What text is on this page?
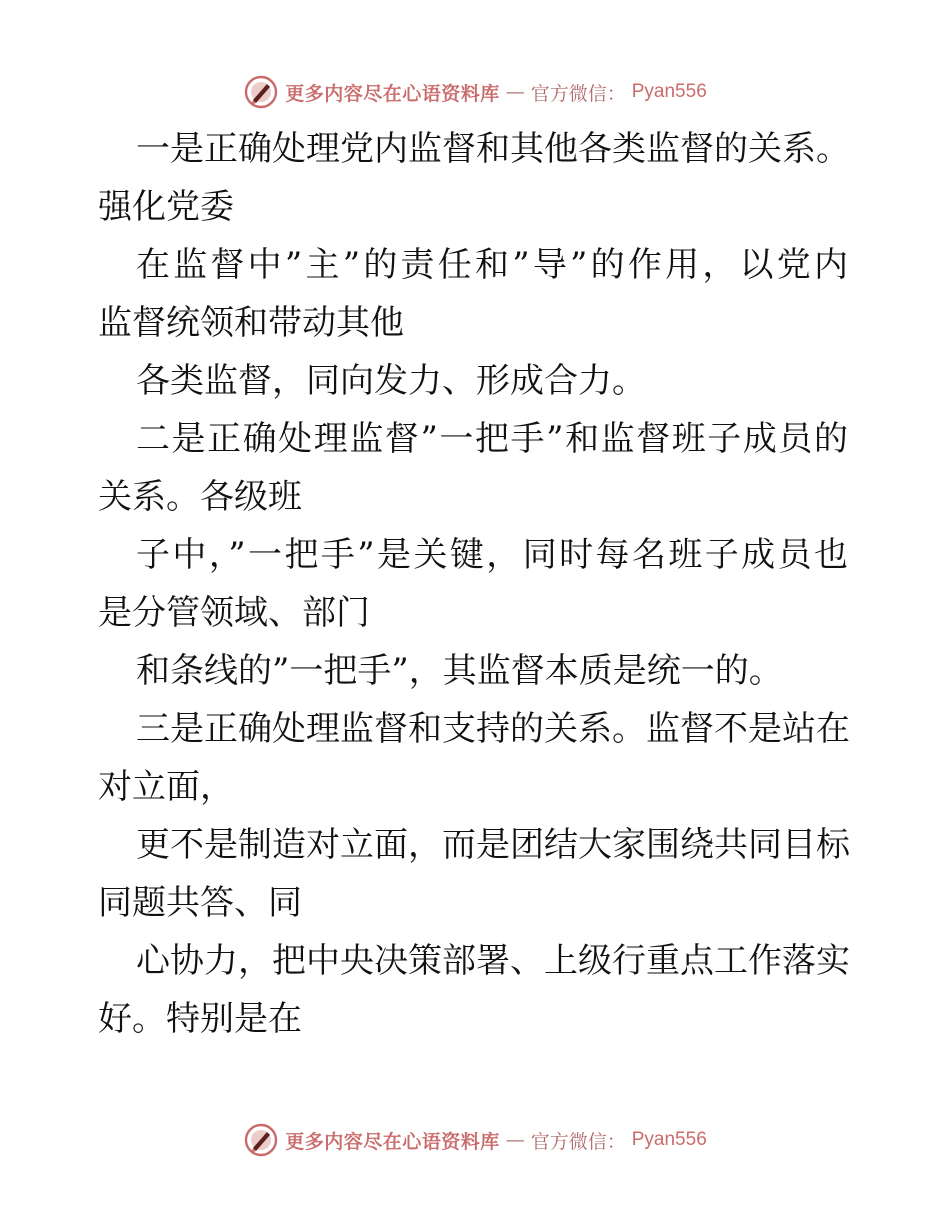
更多内容尽在心语资料库 — 官方微信： Pyan556
一是正确处理党内监督和其他各类监督的关系。
强化党委
在监督中”主”的责任和”导”的作用，以党内
监督统领和带动其他
各类监督，同向发力、形成合力。
二是正确处理监督”一把手”和监督班子成员的
关系。各级班
子中，”一把手”是关键，同时每名班子成员也
是分管领域、部门
和条线的”一把手”，其监督本质是统一的。
三是正确处理监督和支持的关系。监督不是站在
对立面，
更不是制造对立面，而是团结大家围绕共同目标
同题共答、同
心协力，把中央决策部署、上级行重点工作落实
好。特别是在
更多内容尽在心语资料库 — 官方微信： Pyan556
